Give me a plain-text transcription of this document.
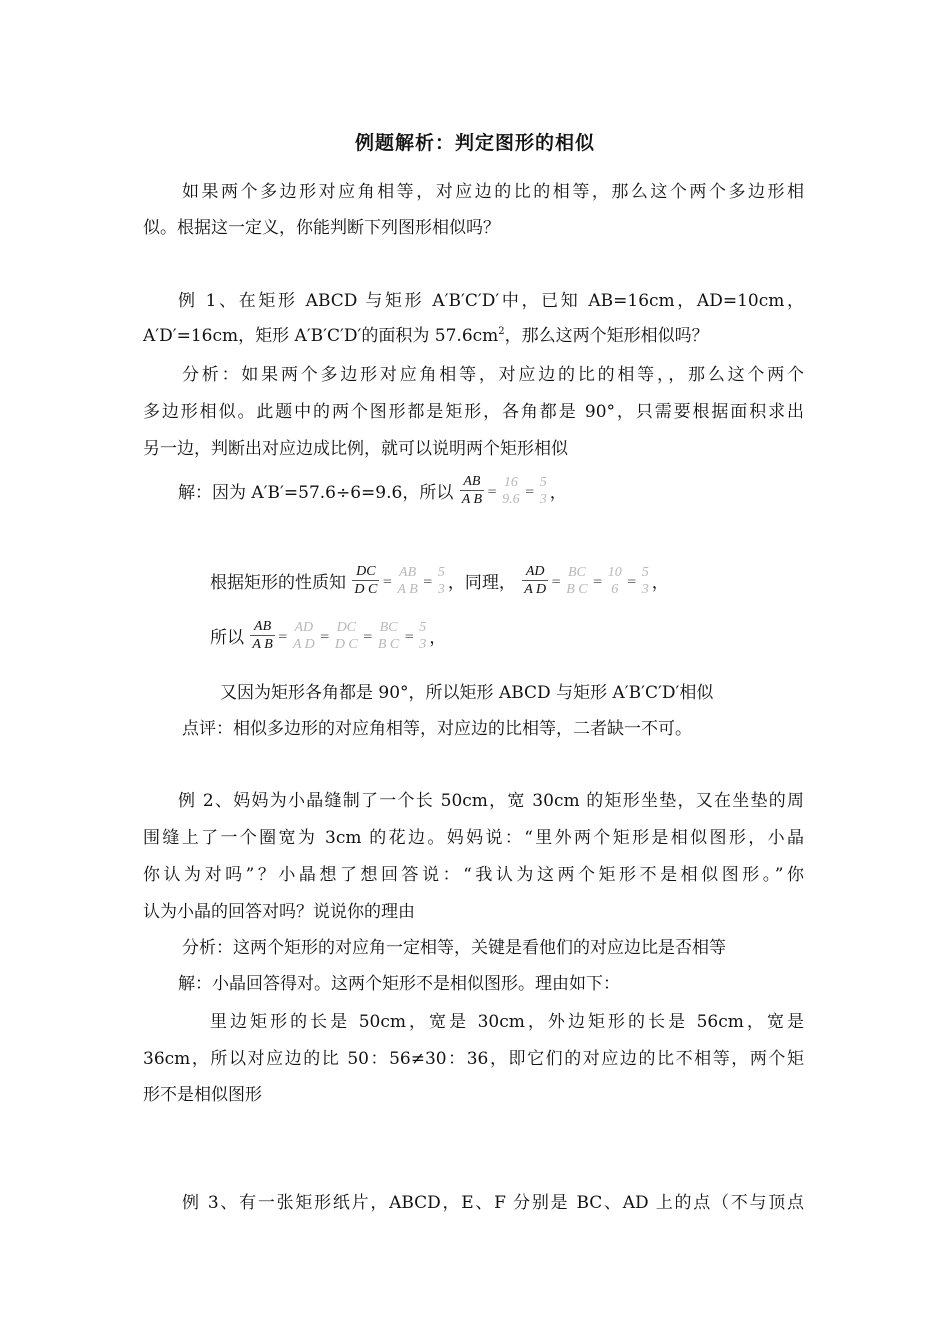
例题解析：判定图形的相似
如果两个多边形对应角相等，对应边的比的相等，那么这个两个多边形相
似。根据这一定义，你能判断下列图形相似吗？
例 1、在矩形 ABCD 与矩形 A′B′C′D′中，已知 AB=16cm，AD=10cm，
A′D′=16cm，矩形 A′B′C′D′的面积为 $57.6cm^2$，那么这两个矩形相似吗？
分析：如果两个多边形对应角相等，对应边的比的相等，，那么这个两个
多边形相似。此题中的两个图形都是矩形，各角都是 90°，只需要根据面积求出
另一边，判断出对应边成比例，就可以说明两个矩形相似
解：因为 A′B′=57.6÷6=9.6，所以 $\frac{AB}{\text{A B}}$ =
16
9.6
=
5
3 ，
根据矩形的性质知 $\frac{DC}{\text{D C}}$ =
AB
A B
=
5
3 ，同理， $\frac{AD}{\text{A D}}$ =
BC
B C
=
10
6
=
5
3 ，
所以 $\frac{AB}{\text{A B}}$ =
AD
A D
=
DC
D C
=
BC
B C
=
5
3 ，
又因为矩形各角都是 90°，所以矩形 ABCD 与矩形 A′B′C′D′相似
点评：相似多边形的对应角相等，对应边的比相等，二者缺一不可。
例 2、妈妈为小晶缝制了一个长 50cm，宽 30cm 的矩形坐垫，又在坐垫的周
围缝上了一个圈宽为 3cm 的花边。妈妈说：“里外两个矩形是相似图形，小晶
你认为对吗”？小晶想了想回答说：“我认为这两个矩形不是相似图形。”你
认为小晶的回答对吗？说说你的理由
分析：这两个矩形的对应角一定相等，关键是看他们的对应边比是否相等
解：小晶回答得对。这两个矩形不是相似图形。理由如下：
里边矩形的长是 50cm，宽是 30cm，外边矩形的长是 56cm，宽是
36cm，所以对应边的比 50：56≠30：36，即它们的对应边的比不相等，两个矩
形不是相似图形
例 3、有一张矩形纸片，ABCD，E、F 分别是 BC、AD 上的点（不与顶点
